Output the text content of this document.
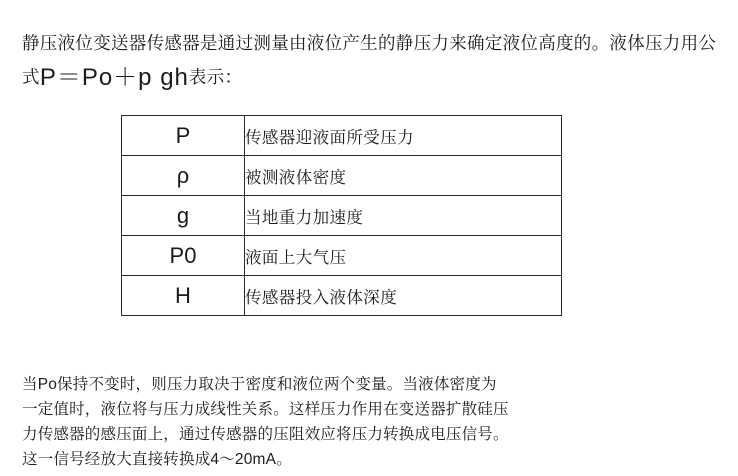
静压液位变送器传感器是通过测量由液位产生的静压力来确定液位高度的。液体压力用公式P＝Po＋p gh表示：

P	传感器迎液面所受压力
ρ	被测液体密度
g	当地重力加速度
P0	液面上大气压
H	传感器投入液体深度
当Po保持不变时，则压力取决于密度和液位两个变量。当液体密度为
一定值时，液位将与压力成线性关系。这样压力作用在变送器扩散硅压
力传感器的感压面上，通过传感器的压阻效应将压力转换成电压信号。
这一信号经放大直接转换成4～20mA。
